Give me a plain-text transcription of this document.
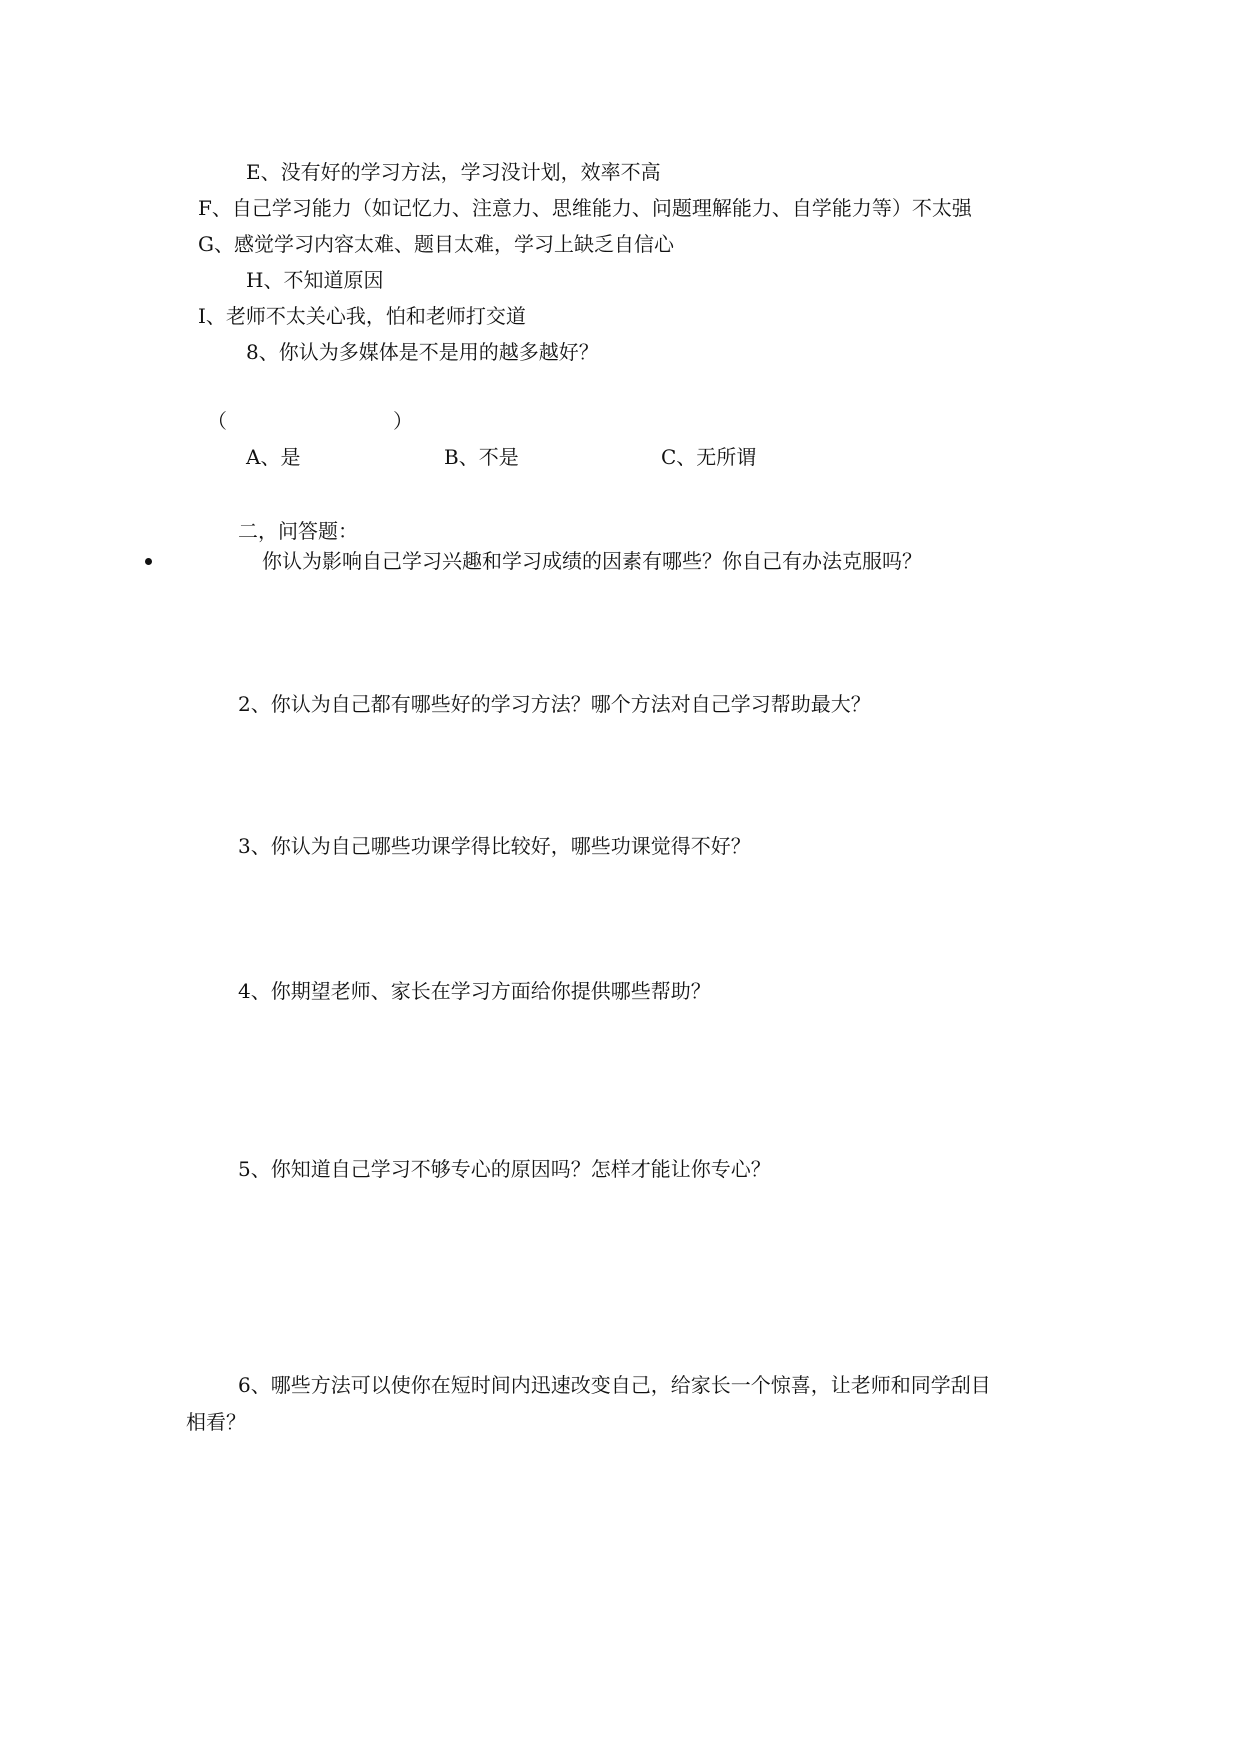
E、没有好的学习方法，学习没计划，效率不高
F、自己学习能力（如记忆力、注意力、思维能力、问题理解能力、自学能力等）不太强
G、感觉学习内容太难、题目太难，学习上缺乏自信心
H、不知道原因
I、老师不太关心我，怕和老师打交道
8、你认为多媒体是不是用的越多越好？
（	）
A、是	B、不是	C、无所谓
二，问答题：
你认为影响自己学习兴趣和学习成绩的因素有哪些？你自己有办法克服吗？
2、你认为自己都有哪些好的学习方法？哪个方法对自己学习帮助最大？
3、你认为自己哪些功课学得比较好，哪些功课觉得不好？
4、你期望老师、家长在学习方面给你提供哪些帮助？
5、你知道自己学习不够专心的原因吗？怎样才能让你专心？
6、哪些方法可以使你在短时间内迅速改变自己，给家长一个惊喜，让老师和同学刮目
相看？
